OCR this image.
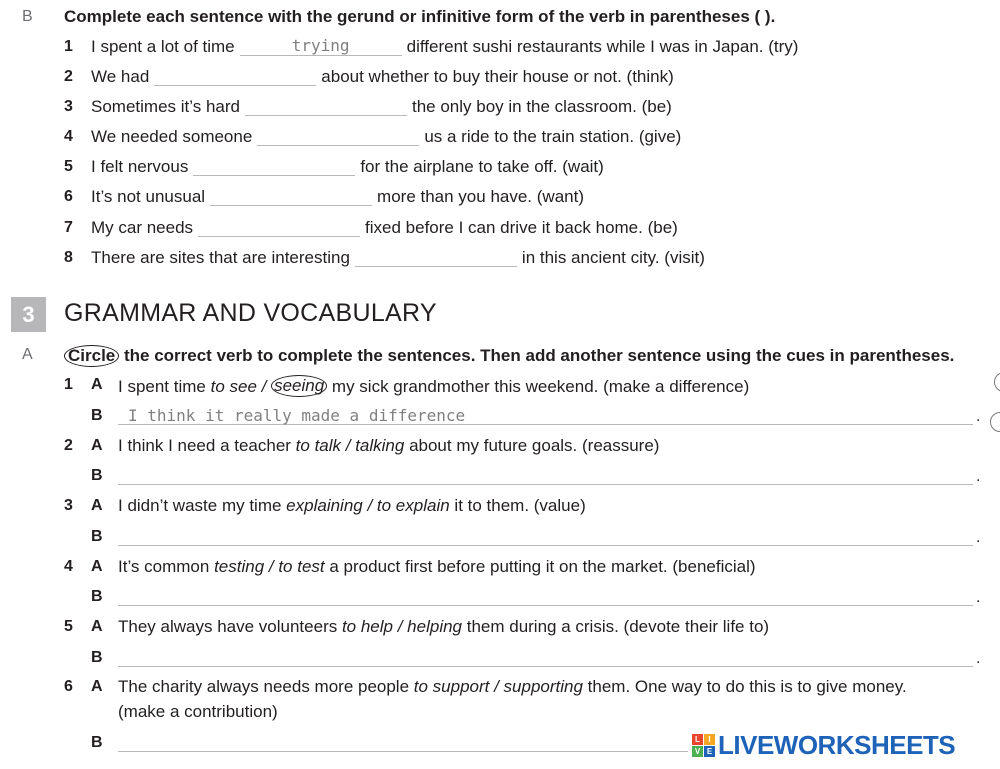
B Complete each sentence with the gerund or infinitive form of the verb in parentheses ( ).
1 I spent a lot of time	trying	different sushi restaurants while I was in Japan. (try)
2 We had	about whether to buy their house or not. (think)
3 Sometimes it’s hard	the only boy in the classroom. (be)
4 We needed someone	us a ride to the train station. (give)
5 I felt nervous	for the airplane to take off. (wait)
6 It’s not unusual	more than you have. (want)
7 My car needs	fixed before I can drive it back home. (be)
8 There are sites that are interesting	in this ancient city. (visit)
3	GRAMMAR AND VOCABULARY
A Circle the correct verb to complete the sentences. Then add another sentence using the cues in parentheses.
1 A I spent time to see / seeing my sick grandmother this weekend. (make a difference)
B I think it really made a difference	.
2 A I think I need a teacher to talk / talking about my future goals. (reassure)
B	.
3 A I didn’t waste my time explaining / to explain it to them. (value)
B	.
4 A It’s common testing / to test a product first before putting it on the market. (beneficial)
B	.
5 A They always have volunteers to help / helping them during a crisis. (devote their life to)
B	.
6 A The charity always needs more people to support / supporting them. One way to do this is to give money.
(make a contribution)
B	L	I
V E LIVEWORKSHEETS
